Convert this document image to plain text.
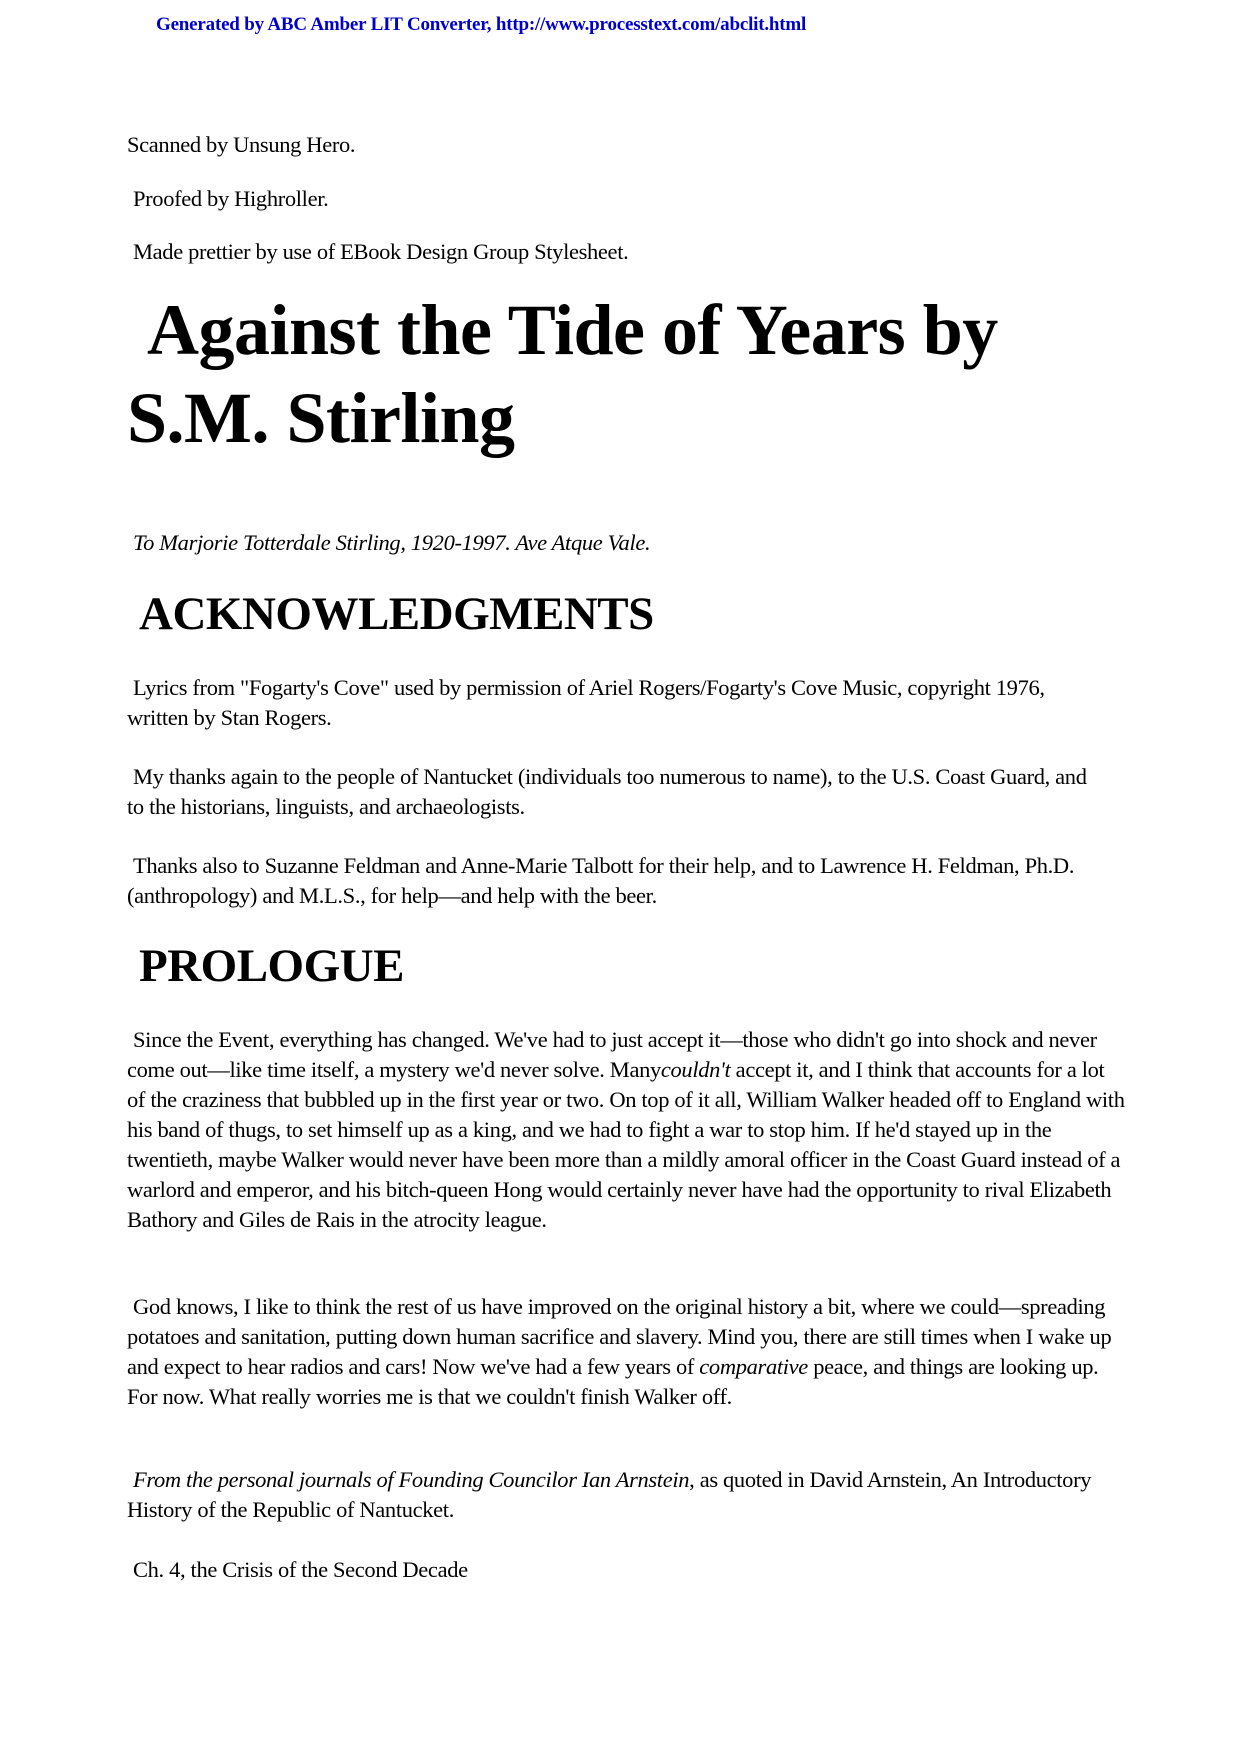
Generated by ABC Amber LIT Converter, http://www.processtext.com/abclit.html
Scanned by Unsung Hero.
Proofed by Highroller.
Made prettier by use of EBook Design Group Stylesheet.
Against the Tide of Years by
S.M. Stirling
To Marjorie Totterdale Stirling, 1920-1997. Ave Atque Vale.
ACKNOWLEDGMENTS
Lyrics from "Fogarty's Cove" used by permission of Ariel Rogers/Fogarty's Cove Music, copyright 1976, written by Stan Rogers.
My thanks again to the people of Nantucket (individuals too numerous to name), to the U.S. Coast Guard, and to the historians, linguists, and archaeologists.
Thanks also to Suzanne Feldman and Anne-Marie Talbott for their help, and to Lawrence H. Feldman, Ph.D. (anthropology) and M.L.S., for help—and help with the beer.
PROLOGUE
Since the Event, everything has changed. We've had to just accept it—those who didn't go into shock and never come out—like time itself, a mystery we'd never solve. Manycouldn't accept it, and I think that accounts for a lot of the craziness that bubbled up in the first year or two. On top of it all, William Walker headed off to England with his band of thugs, to set himself up as a king, and we had to fight a war to stop him. If he'd stayed up in the twentieth, maybe Walker would never have been more than a mildly amoral officer in the Coast Guard instead of a warlord and emperor, and his bitch-queen Hong would certainly never have had the opportunity to rival Elizabeth Bathory and Giles de Rais in the atrocity league.
God knows, I like to think the rest of us have improved on the original history a bit, where we could—spreading potatoes and sanitation, putting down human sacrifice and slavery. Mind you, there are still times when I wake up and expect to hear radios and cars! Now we've had a few years of comparative peace, and things are looking up. For now. What really worries me is that we couldn't finish Walker off.
From the personal journals of Founding Councilor Ian Arnstein, as quoted in David Arnstein, An Introductory History of the Republic of Nantucket.
Ch. 4, the Crisis of the Second Decade
